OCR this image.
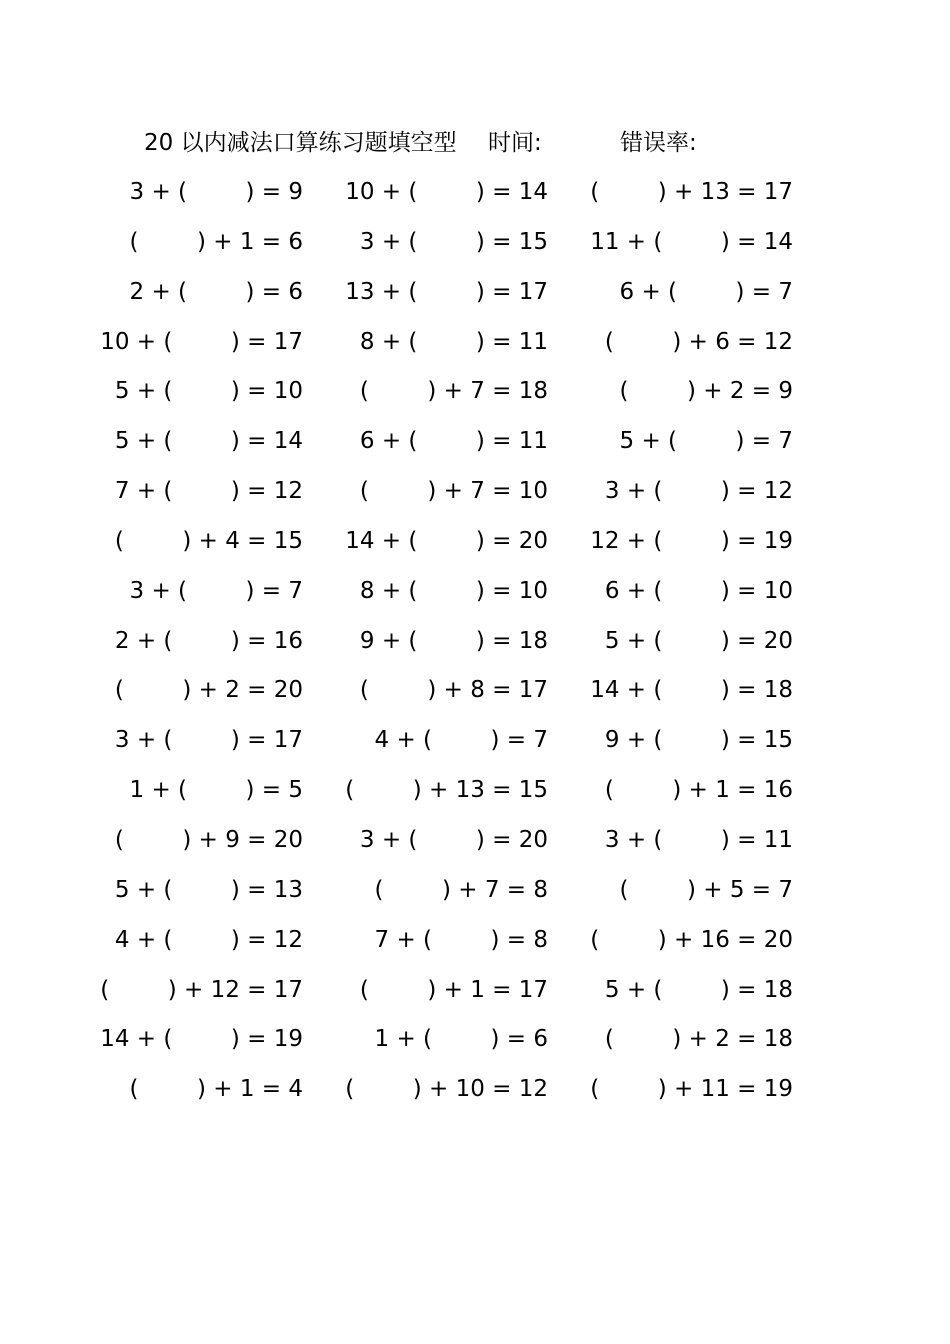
20 以内减法口算练习题填空型 时间:	错误率:
3 + (        ) = 9	10 + (        ) = 14	(        ) + 13 = 17
(        ) + 1 = 6	3 + (        ) = 15	11 + (        ) = 14
2 + (        ) = 6	13 + (        ) = 17	6 + (        ) = 7
10 + (        ) = 17	8 + (        ) = 11	(        ) + 6 = 12
5 + (        ) = 10	(        ) + 7 = 18	(        ) + 2 = 9
5 + (        ) = 14	6 + (        ) = 11	5 + (        ) = 7
7 + (        ) = 12	(        ) + 7 = 10	3 + (        ) = 12
(        ) + 4 = 15	14 + (        ) = 20	12 + (        ) = 19
3 + (        ) = 7	8 + (        ) = 10	6 + (        ) = 10
2 + (        ) = 16	9 + (        ) = 18	5 + (        ) = 20
(        ) + 2 = 20	(        ) + 8 = 17	14 + (        ) = 18
3 + (        ) = 17	4 + (        ) = 7	9 + (        ) = 15
1 + (        ) = 5	(        ) + 13 = 15	(        ) + 1 = 16
(        ) + 9 = 20	3 + (        ) = 20	3 + (        ) = 11
5 + (        ) = 13	(        ) + 7 = 8	(        ) + 5 = 7
4 + (        ) = 12	7 + (        ) = 8	(        ) + 16 = 20
(        ) + 12 = 17	(        ) + 1 = 17	5 + (        ) = 18
14 + (        ) = 19	1 + (        ) = 6	(        ) + 2 = 18
(        ) + 1 = 4	(        ) + 10 = 12	(        ) + 11 = 19
